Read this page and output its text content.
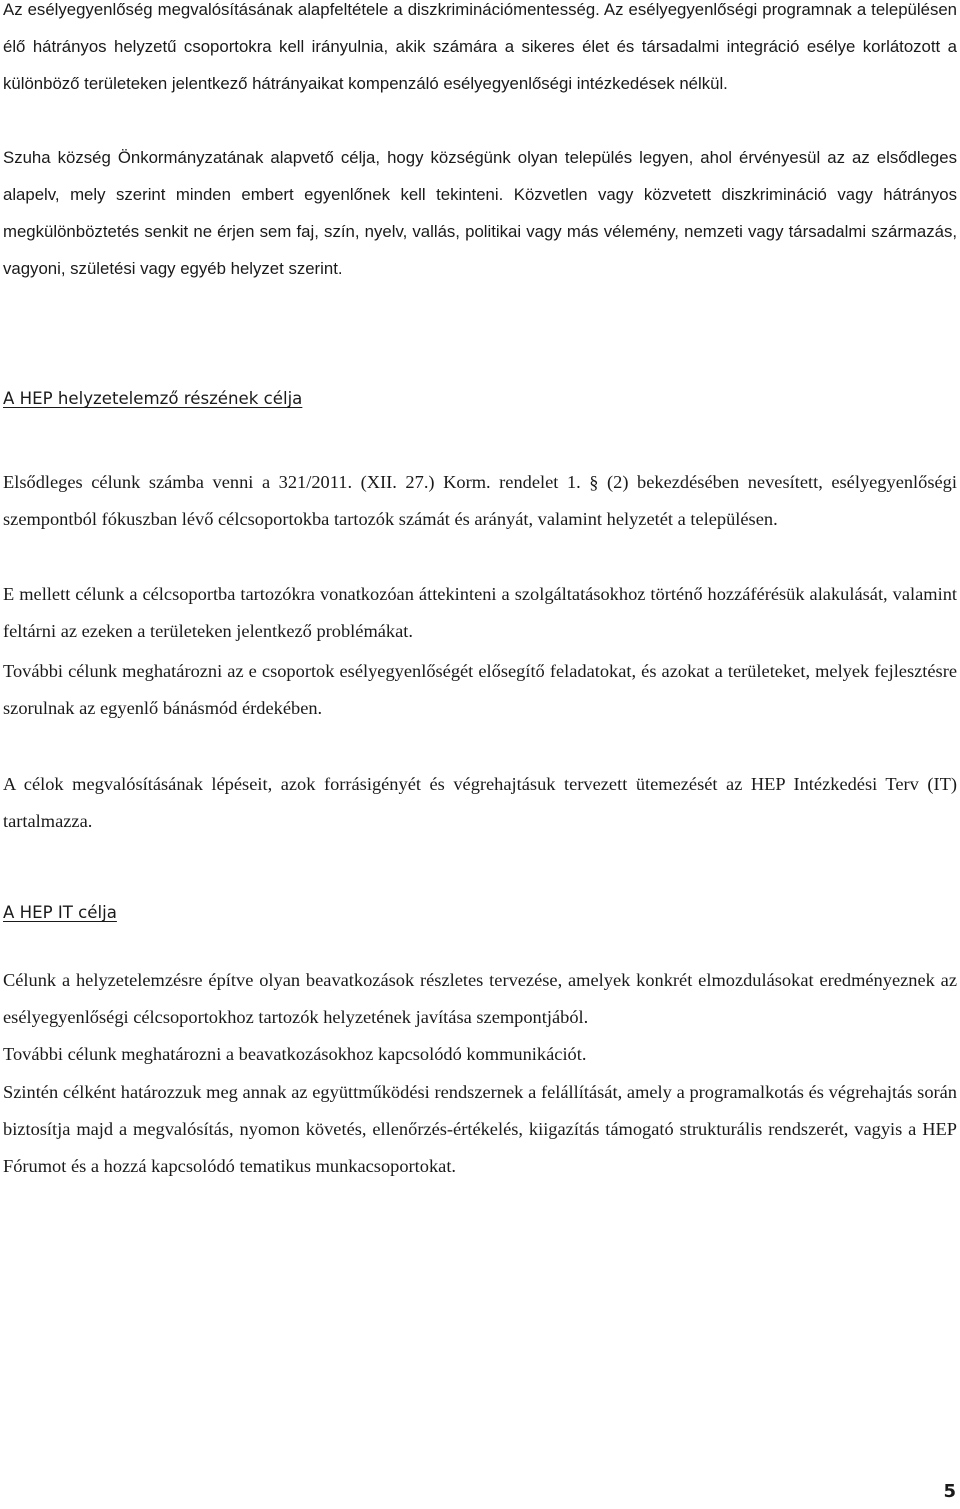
Az esélyegyenlőség megvalósításának alapfeltétele a diszkriminációmentesség. Az esélyegyenlőségi programnak a településen élő hátrányos helyzetű csoportokra kell irányulnia, akik számára a sikeres élet és társadalmi integráció esélye korlátozott a különböző területeken jelentkező hátrányaikat kompenzáló esélyegyenlőségi intézkedések nélkül.

Szuha község Önkormányzatának alapvető célja, hogy községünk olyan település legyen, ahol érvényesül az az elsődleges alapelv, mely szerint minden embert egyenlőnek kell tekinteni. Közvetlen vagy közvetett diszkrimináció vagy hátrányos megkülönböztetés senkit ne érjen sem faj, szín, nyelv, vallás, politikai vagy más vélemény, nemzeti vagy társadalmi származás, vagyoni, születési vagy egyéb helyzet szerint.

A HEP helyzetelemző részének célja

Elsődleges célunk számba venni a 321/2011. (XII. 27.) Korm. rendelet 1. § (2) bekezdésében nevesített, esélyegyenlőségi szempontból fókuszban lévő célcsoportokba tartozók számát és arányát, valamint helyzetét a településen.

E mellett célunk a célcsoportba tartozókra vonatkozóan áttekinteni a szolgáltatásokhoz történő hozzáférésük alakulását, valamint feltárni az ezeken a területeken jelentkező problémákat.

További célunk meghatározni az e csoportok esélyegyenlőségét elősegítő feladatokat, és azokat a területeket, melyek fejlesztésre szorulnak az egyenlő bánásmód érdekében.

A célok megvalósításának lépéseit, azok forrásigényét és végrehajtásuk tervezett ütemezését az HEP Intézkedési Terv (IT) tartalmazza.

A HEP IT célja

Célunk a helyzetelemzésre építve olyan beavatkozások részletes tervezése, amelyek konkrét elmozdulásokat eredményeznek az esélyegyenlőségi célcsoportokhoz tartozók helyzetének javítása szempontjából.

További célunk meghatározni a beavatkozásokhoz kapcsolódó kommunikációt.

Szintén célként határozzuk meg annak az együttműködési rendszernek a felállítását, amely a programalkotás és végrehajtás során biztosítja majd a megvalósítás, nyomon követés, ellenőrzés-értékelés, kiigazítás támogató strukturális rendszerét, vagyis a HEP Fórumot és a hozzá kapcsolódó tematikus munkacsoportokat.

5
